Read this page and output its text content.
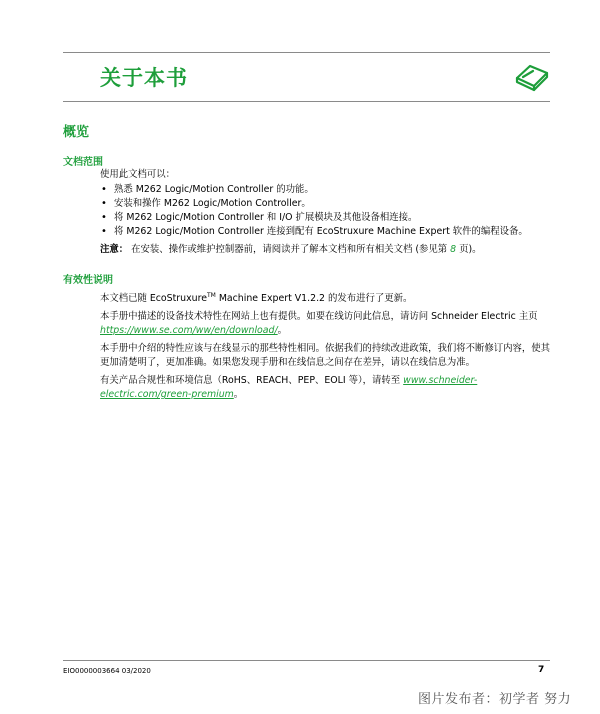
关于本书
概览
文档范围

使用此文档可以：

• 熟悉 M262 Logic/Motion Controller 的功能。
• 安装和操作 M262 Logic/Motion Controller。
• 将 M262 Logic/Motion Controller 和 I/O 扩展模块及其他设备相连接。
• 将 M262 Logic/Motion Controller 连接到配有 EcoStruxure Machine Expert 软件的编程设备。

注意： 在安装、操作或维护控制器前，请阅读并了解本文档和所有相关文档 (参见第 8 页)。

有效性说明

本文档已随 EcoStruxure™ Machine Expert V1.2.2 的发布进行了更新。

本手册中描述的设备技术特性在网站上也有提供。如要在线访问此信息，请访问 Schneider Electric 主页 https://www.se.com/ww/en/download/。

本手册中介绍的特性应该与在线显示的那些特性相同。依据我们的持续改进政策，我们将不断修订内容，使其更加清楚明了，更加准确。如果您发现手册和在线信息之间存在差异，请以在线信息为准。

有关产品合规性和环境信息（RoHS、REACH、PEP、EOLI 等），请转至 www.schneider-electric.com/green-premium。

EIO0000003664 03/2020	7
图片发布者：初学者 努力
